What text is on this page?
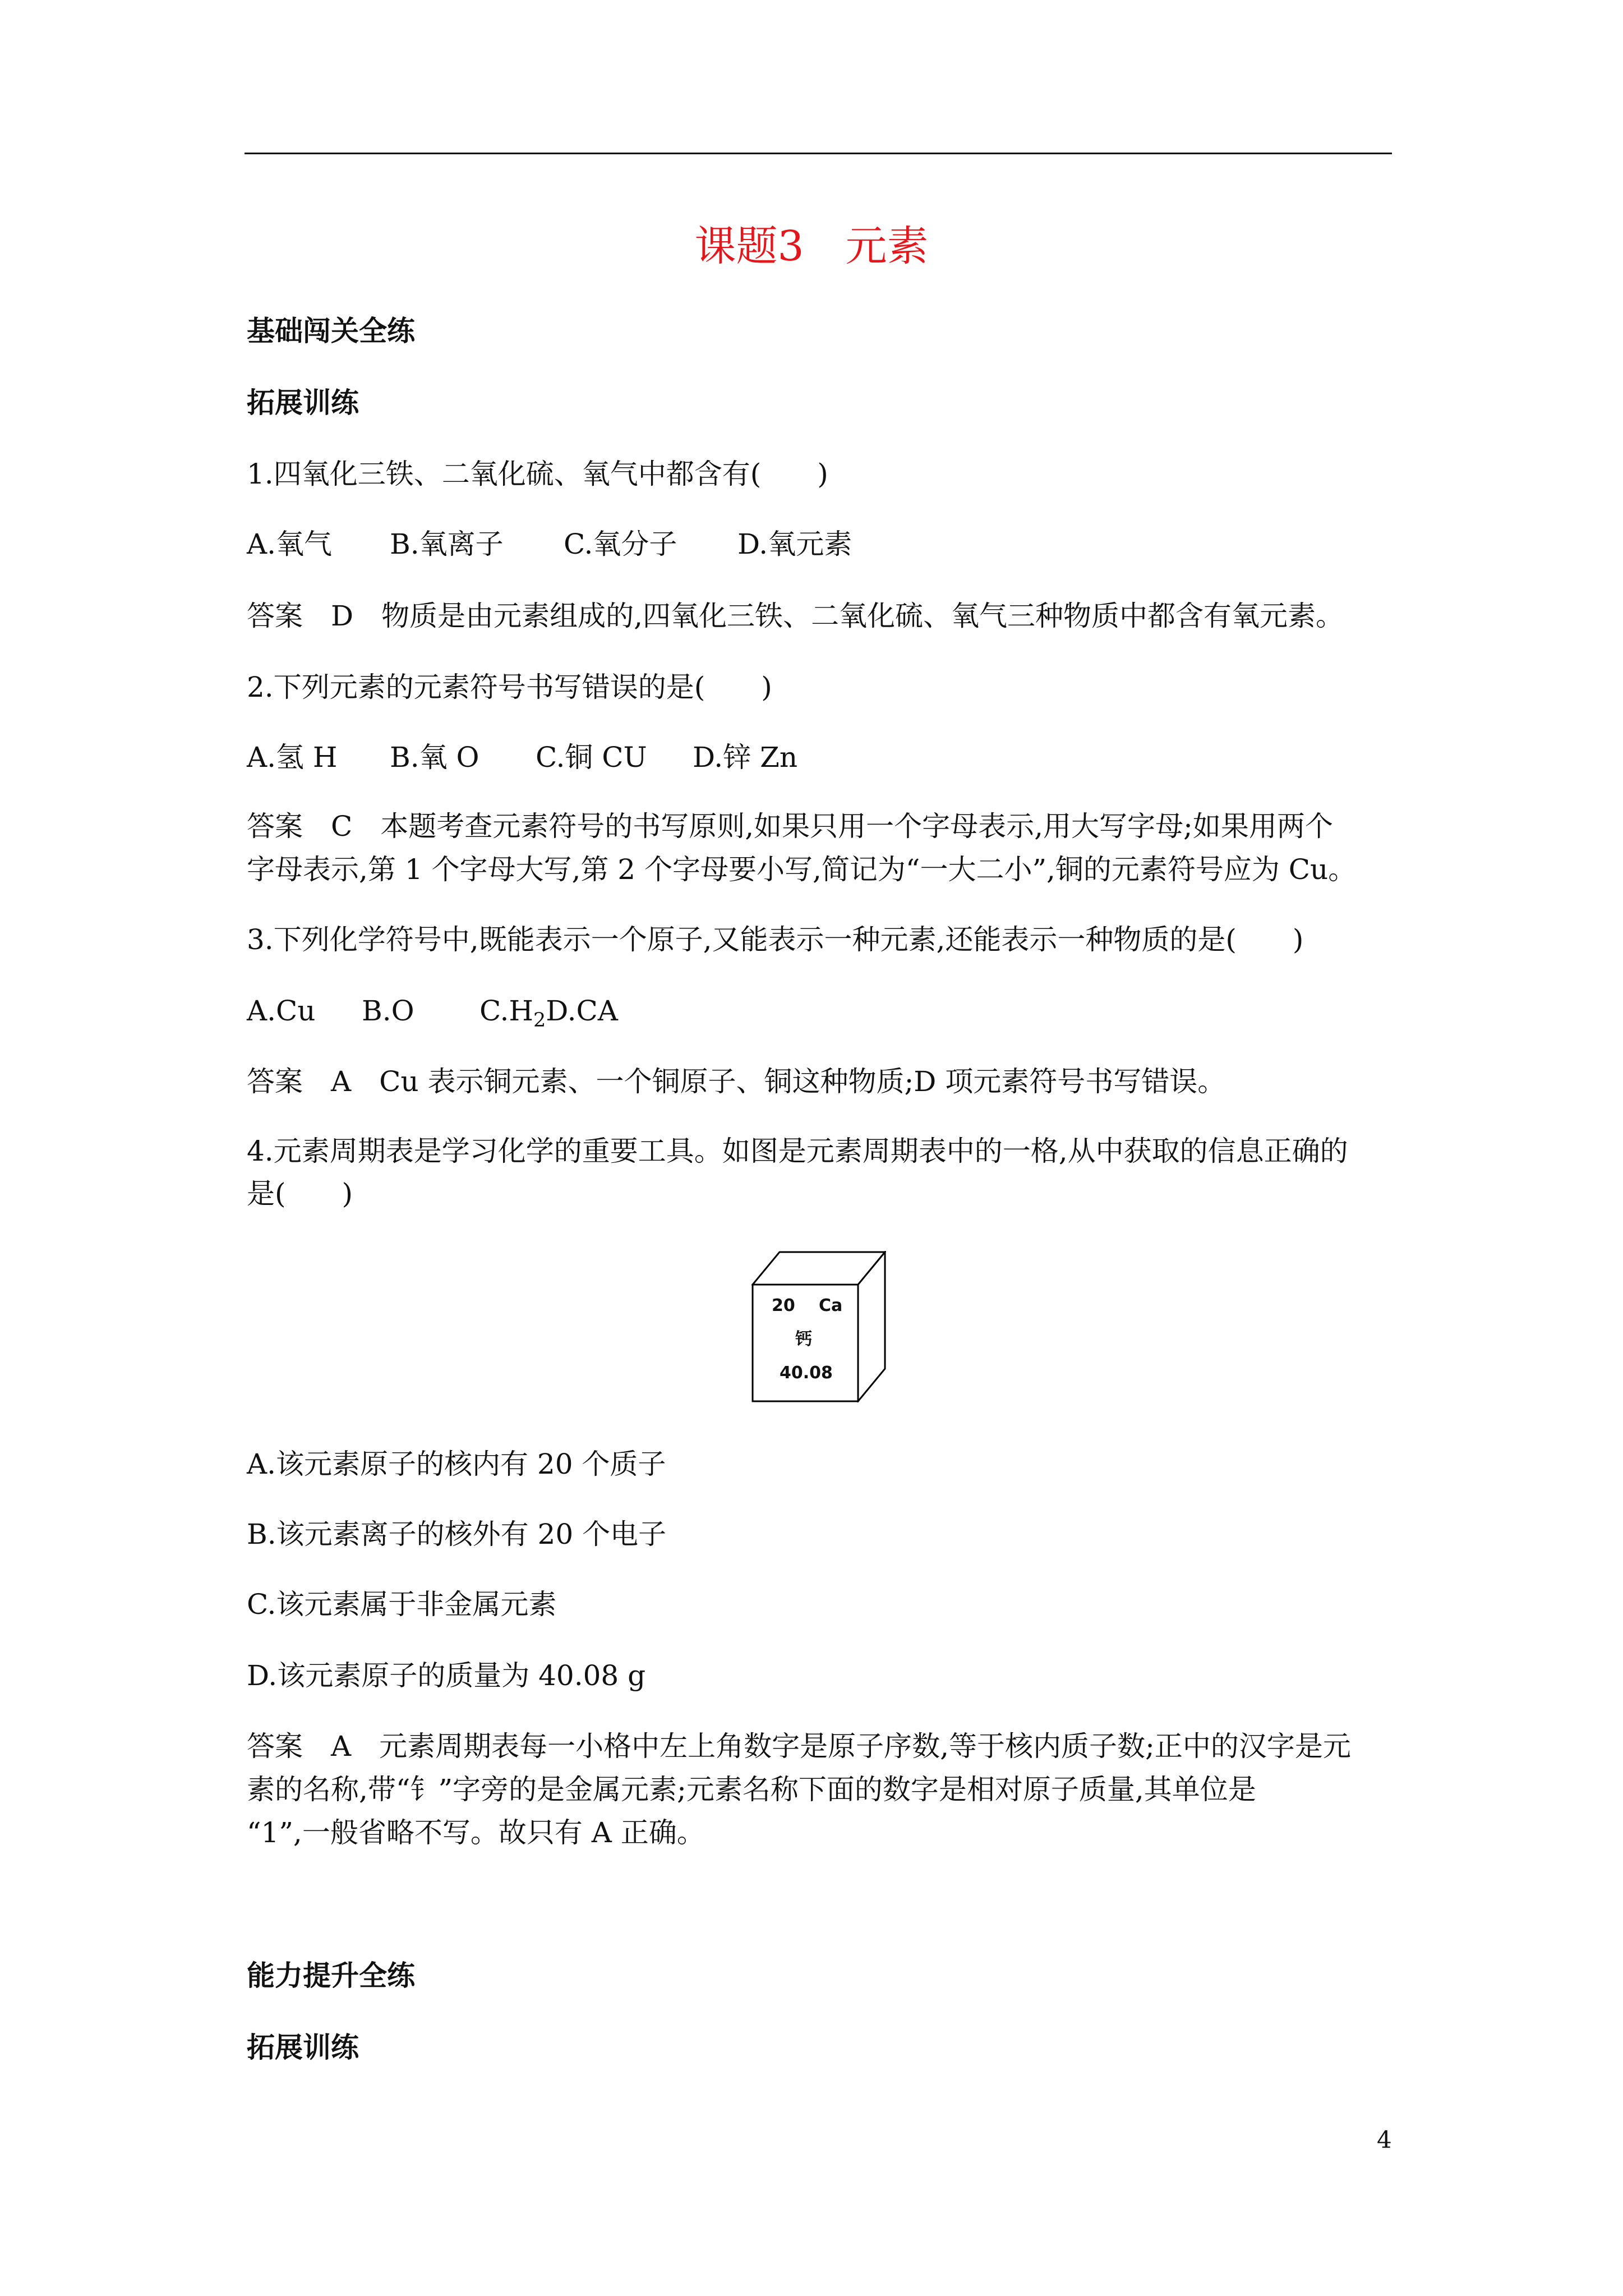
课题3　元素
基础闯关全练
拓展训练
1.四氧化三铁、二氧化硫、氧气中都含有(　　)
A.氧气 B.氧离子 C.氧分子 D.氧元素
答案　D　物质是由元素组成的,四氧化三铁、二氧化硫、氧气三种物质中都含有氧元素。
2.下列元素的元素符号书写错误的是(　　)
A.氢 H B.氧 O C.铜 CU D.锌 Zn
答案　C　本题考查元素符号的书写原则,如果只用一个字母表示,用大写字母;如果用两个
字母表示,第 1 个字母大写,第 2 个字母要小写,简记为“一大二小”,铜的元素符号应为 Cu。
3.下列化学符号中,既能表示一个原子,又能表示一种元素,还能表示一种物质的是(　　)
A.Cu B.O $C.H_2D.CA$
答案　A　Cu 表示铜元素、一个铜原子、铜这种物质;D 项元素符号书写错误。
4.元素周期表是学习化学的重要工具。如图是元素周期表中的一格,从中获取的信息正确的
是(　　)
20 Ca
钙
40.08
A.该元素原子的核内有 20 个质子
B.该元素离子的核外有 20 个电子
C.该元素属于非金属元素
D.该元素原子的质量为 40.08 g
答案　A　元素周期表每一小格中左上角数字是原子序数,等于核内质子数;正中的汉字是元
素的名称,带“钅”字旁的是金属元素;元素名称下面的数字是相对原子质量,其单位是
“1”,一般省略不写。故只有 A 正确。
能力提升全练
拓展训练
4
